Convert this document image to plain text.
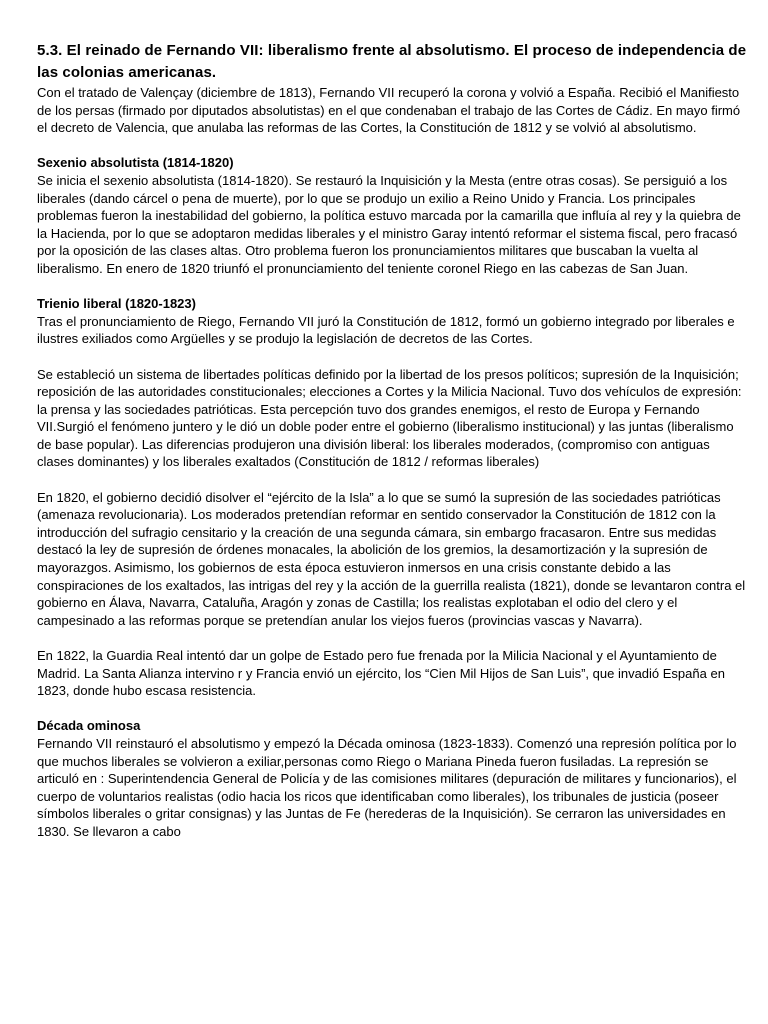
5.3. El reinado de Fernando VII: liberalismo frente al absolutismo. El proceso de independencia de las colonias americanas.

Con el tratado de Valençay (diciembre de 1813), Fernando VII recuperó la corona y volvió a España. Recibió el Manifiesto de los persas (firmado por diputados absolutistas) en el que condenaban el trabajo de las Cortes de Cádiz. En mayo firmó el decreto de Valencia, que anulaba las reformas de las Cortes, la Constitución de 1812 y se volvió al absolutismo.

Sexenio absolutista (1814-1820)

Se inicia el sexenio absolutista (1814-1820). Se restauró la Inquisición y la Mesta (entre otras cosas). Se persiguió a los liberales (dando cárcel o pena de muerte), por lo que se produjo un exilio a Reino Unido y Francia. Los principales problemas fueron la inestabilidad del gobierno, la política estuvo marcada por la camarilla que influía al rey y la quiebra de la Hacienda, por lo que se adoptaron medidas liberales y el ministro Garay intentó reformar el sistema fiscal, pero fracasó por la oposición de las clases altas. Otro problema fueron los pronunciamientos militares que buscaban la vuelta al liberalismo. En enero de 1820 triunfó el pronunciamiento del teniente coronel Riego en las cabezas de San Juan.

Trienio liberal (1820-1823)

Tras el pronunciamiento de Riego, Fernando VII juró la Constitución de 1812, formó un gobierno integrado por liberales e ilustres exiliados como Argüelles y se produjo la legislación de decretos de las Cortes.

Se estableció un sistema de libertades políticas definido por la libertad de los presos políticos; supresión de la Inquisición; reposición de las autoridades constitucionales; elecciones a Cortes y la Milicia Nacional. Tuvo dos vehículos de expresión: la prensa y las sociedades patrióticas. Esta percepción tuvo dos grandes enemigos, el resto de Europa y Fernando VII.Surgió el fenómeno juntero y le dió un doble poder entre el gobierno (liberalismo institucional) y las juntas (liberalismo de base popular). Las diferencias produjeron una división liberal: los liberales moderados, (compromiso con antiguas clases dominantes) y los liberales exaltados (Constitución de 1812 / reformas liberales)

En 1820, el gobierno decidió disolver el “ejército de la Isla” a lo que se sumó la supresión de las sociedades patrióticas (amenaza revolucionaria). Los moderados pretendían reformar en sentido conservador la Constitución de 1812 con la introducción del sufragio censitario y la creación de una segunda cámara, sin embargo fracasaron. Entre sus medidas destacó la ley de supresión de órdenes monacales, la abolición de los gremios, la desamortización y la supresión de mayorazgos. Asimismo, los gobiernos de esta época estuvieron inmersos en una crisis constante debido a las conspiraciones de los exaltados, las intrigas del rey y la acción de la guerrilla realista (1821), donde se levantaron contra el gobierno en Álava, Navarra, Cataluña, Aragón y zonas de Castilla; los realistas explotaban el odio del clero y el campesinado a las reformas porque se pretendían anular los viejos fueros (provincias vascas y Navarra).

En 1822, la Guardia Real intentó dar un golpe de Estado pero fue frenada por la Milicia Nacional y el Ayuntamiento de Madrid. La Santa Alianza intervino r y Francia envió un ejército, los “Cien Mil Hijos de San Luis”, que invadió España en 1823, donde hubo escasa resistencia.

Década ominosa

Fernando VII reinstauró el absolutismo y empezó la Década ominosa (1823-1833). Comenzó una represión política por lo que muchos liberales se volvieron a exiliar,personas como Riego o Mariana Pineda fueron fusiladas. La represión se articuló en : Superintendencia General de Policía y de las comisiones militares (depuración de militares y funcionarios), el cuerpo de voluntarios realistas (odio hacia los ricos que identificaban como liberales), los tribunales de justicia (poseer símbolos liberales o gritar consignas) y las Juntas de Fe (herederas de la Inquisición). Se cerraron las universidades en 1830. Se llevaron a cabo
